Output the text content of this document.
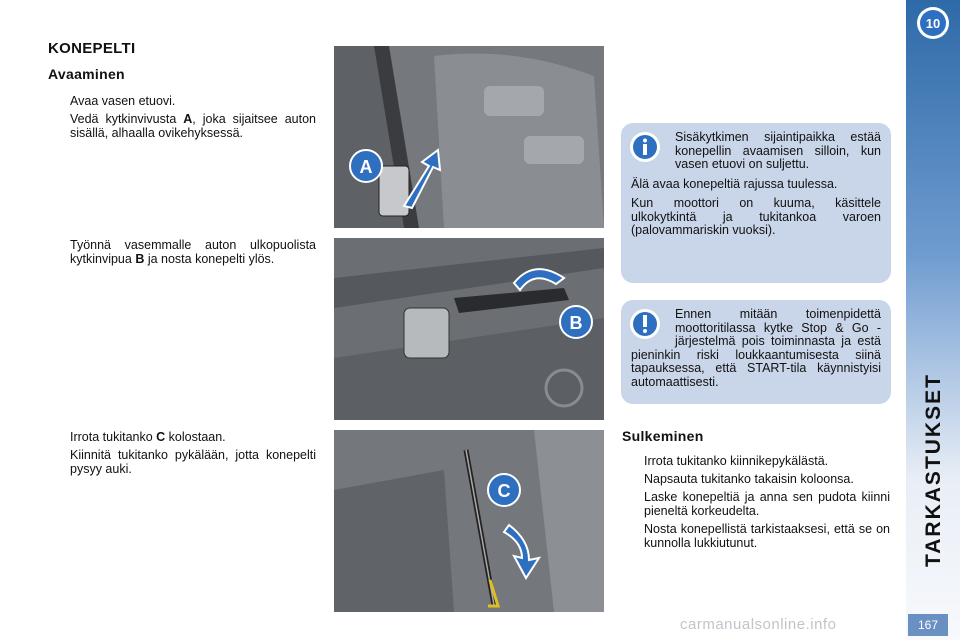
KONEPELTI
Avaaminen
Avaa vasen etuovi.
Vedä kytkinvivusta A, joka sijaitsee auton sisällä, alhaalla ovikehyksessä.
Työnnä vasemmalle auton ulkopuolista kytkinvipua B ja nosta konepelti ylös.
Irrota tukitanko C kolostaan.
Kiinnitä tukitanko pykälään, jotta konepelti pysyy auki.
A
B
C

Sisäkytkimen sijaintipaikka estää konepellin avaamisen silloin, kun vasen etuovi on suljettu.

Älä avaa konepeltiä rajussa tuulessa.

Kun moottori on kuuma, käsittele ulkokytkintä ja tukitankoa varoen (palovammariskin vuoksi).

Ennen mitään toimenpidettä moottoritilassa kytke Stop & Go -järjestelmä pois toiminnasta ja estä pieninkin riski loukkaantumisesta siinä tapauksessa, että START-tila käynnistyisi automaattisesti.
Sulkeminen
Irrota tukitanko kiinnikepykälästä.
Napsauta tukitanko takaisin koloonsa.
Laske konepeltiä ja anna sen pudota kiinni pieneltä korkeudelta.
Nosta konepellistä tarkistaaksesi, että se on kunnolla lukkiutunut.
10
167
carmanualsonline.info
